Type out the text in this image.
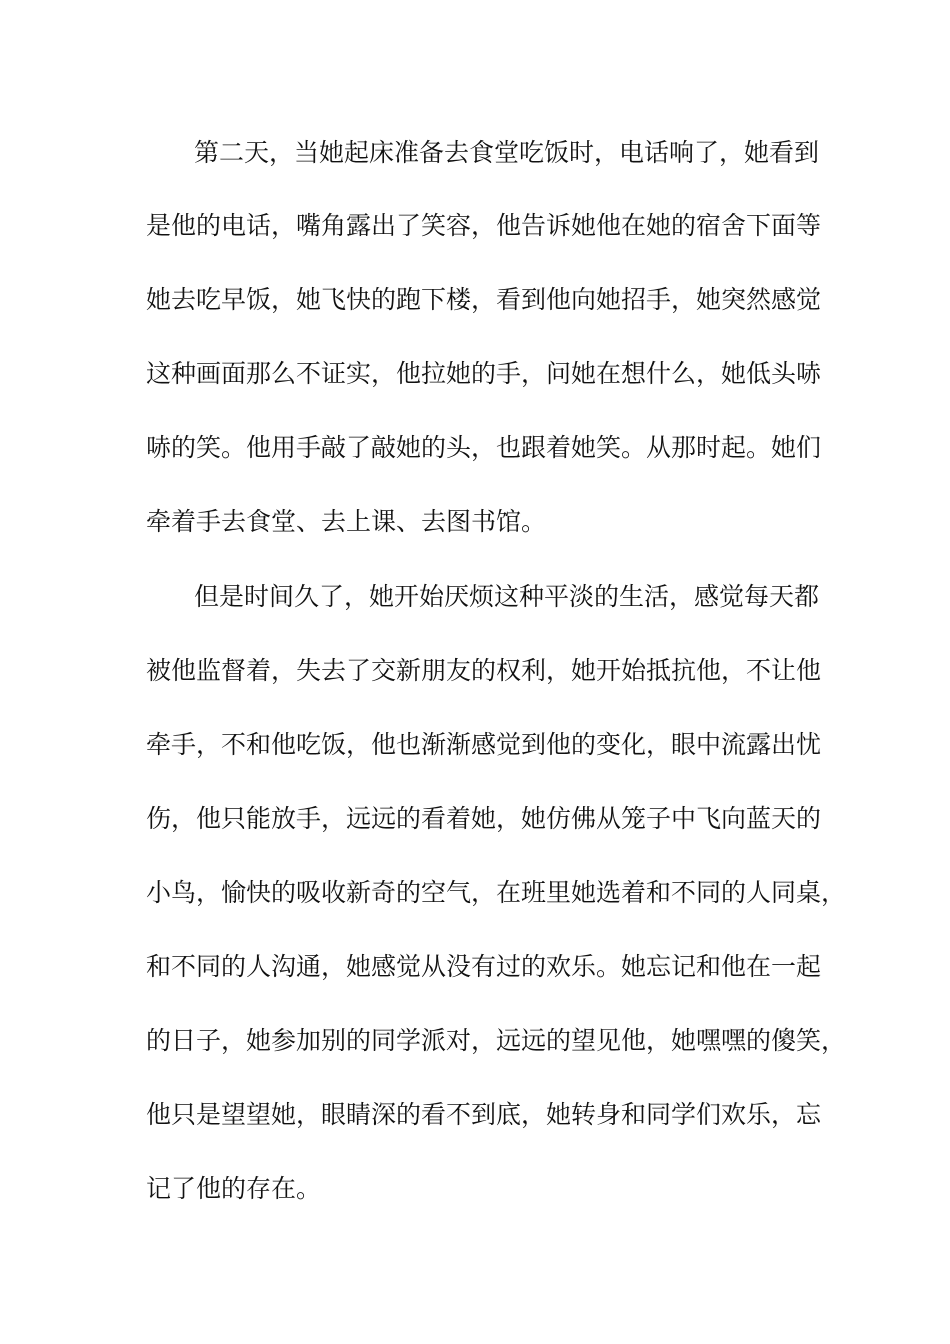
第二天，当她起床准备去食堂吃饭时，电话响了，她看到
是他的电话，嘴角露出了笑容，他告诉她他在她的宿舍下面等
她去吃早饭，她飞快的跑下楼，看到他向她招手，她突然感觉
这种画面那么不证实，他拉她的手，问她在想什么，她低头哧
哧的笑。他用手敲了敲她的头，也跟着她笑。从那时起。她们
牵着手去食堂、去上课、去图书馆。
但是时间久了，她开始厌烦这种平淡的生活，感觉每天都
被他监督着，失去了交新朋友的权利，她开始抵抗他，不让他
牵手，不和他吃饭，他也渐渐感觉到他的变化，眼中流露出忧
伤，他只能放手，远远的看着她，她仿佛从笼子中飞向蓝天的
小鸟，愉快的吸收新奇的空气，在班里她选着和不同的人同桌，
和不同的人沟通，她感觉从没有过的欢乐。她忘记和他在一起
的日子，她参加别的同学派对，远远的望见他，她嘿嘿的傻笑，
他只是望望她，眼睛深的看不到底，她转身和同学们欢乐，忘
记了他的存在。
